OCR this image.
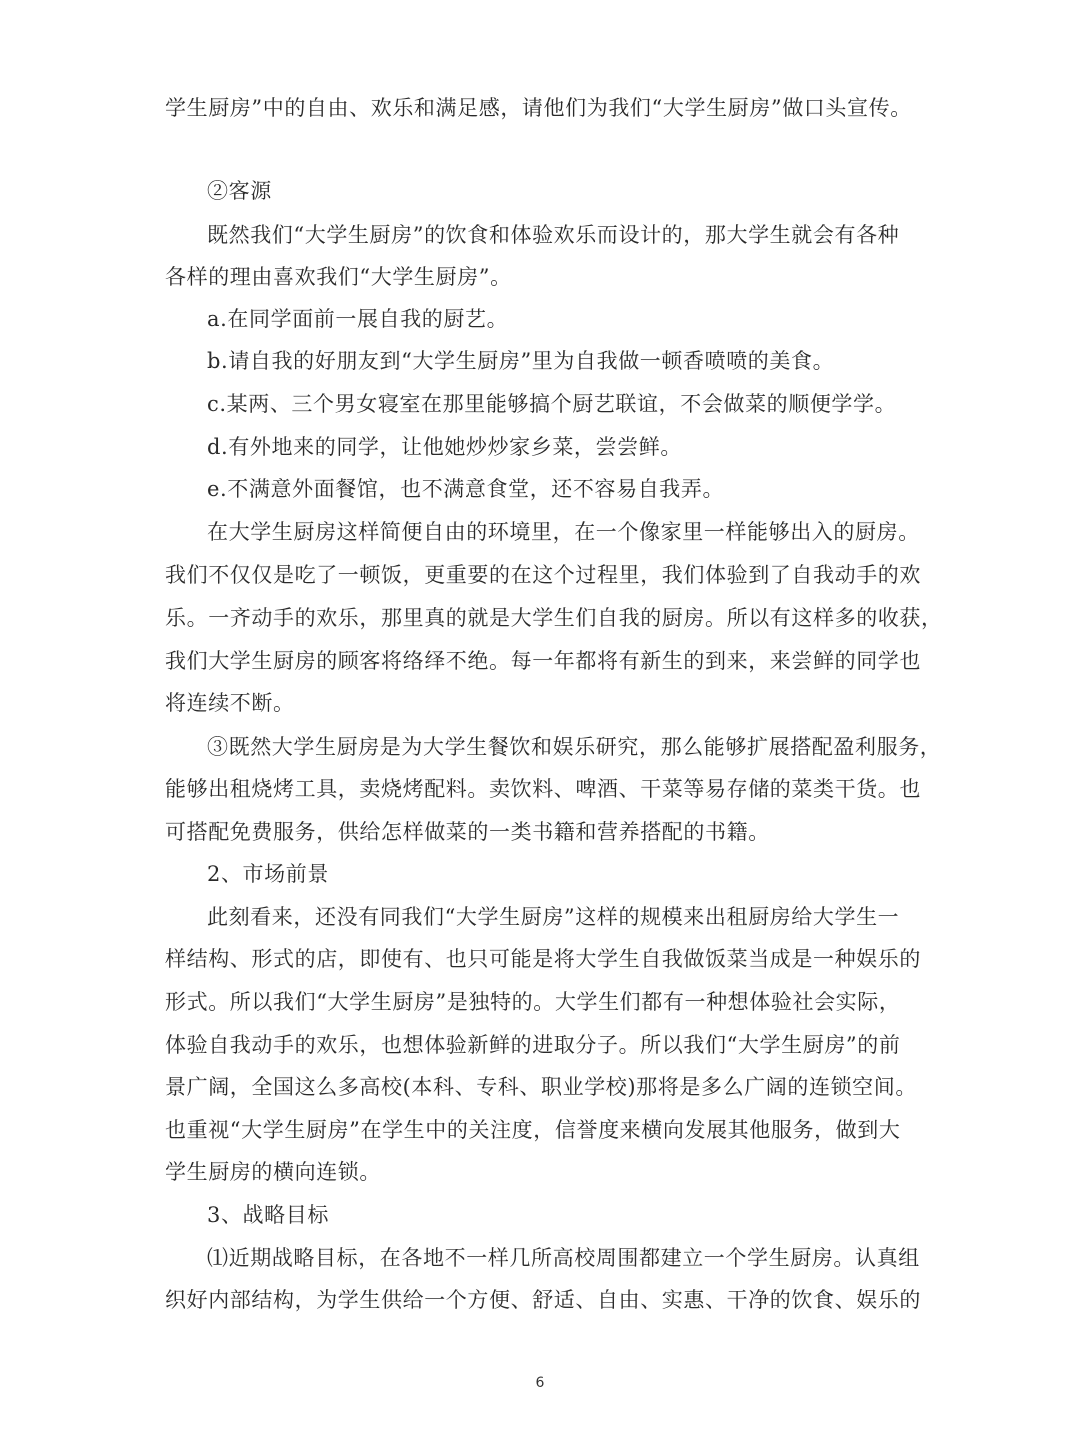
学生厨房”中的自由、欢乐和满足感，请他们为我们“大学生厨房”做口头宣传。
②客源
既然我们“大学生厨房”的饮食和体验欢乐而设计的，那大学生就会有各种
各样的理由喜欢我们“大学生厨房”。
a.在同学面前一展自我的厨艺。
b.请自我的好朋友到“大学生厨房”里为自我做一顿香喷喷的美食。
c.某两、三个男女寝室在那里能够搞个厨艺联谊，不会做菜的顺便学学。
d.有外地来的同学，让他她炒炒家乡菜，尝尝鲜。
e.不满意外面餐馆，也不满意食堂，还不容易自我弄。
在大学生厨房这样简便自由的环境里，在一个像家里一样能够出入的厨房。
我们不仅仅是吃了一顿饭，更重要的在这个过程里，我们体验到了自我动手的欢
乐。一齐动手的欢乐，那里真的就是大学生们自我的厨房。所以有这样多的收获，
我们大学生厨房的顾客将络绎不绝。每一年都将有新生的到来，来尝鲜的同学也
将连续不断。
③既然大学生厨房是为大学生餐饮和娱乐研究，那么能够扩展搭配盈利服务，
能够出租烧烤工具，卖烧烤配料。卖饮料、啤酒、干菜等易存储的菜类干货。也
可搭配免费服务，供给怎样做菜的一类书籍和营养搭配的书籍。
2、市场前景
此刻看来，还没有同我们“大学生厨房”这样的规模来出租厨房给大学生一
样结构、形式的店，即使有、也只可能是将大学生自我做饭菜当成是一种娱乐的
形式。所以我们“大学生厨房”是独特的。大学生们都有一种想体验社会实际，
体验自我动手的欢乐，也想体验新鲜的进取分子。所以我们“大学生厨房”的前
景广阔，全国这么多高校(本科、专科、职业学校)那将是多么广阔的连锁空间。
也重视“大学生厨房”在学生中的关注度，信誉度来横向发展其他服务，做到大
学生厨房的横向连锁。
3、战略目标
⑴近期战略目标，在各地不一样几所高校周围都建立一个学生厨房。认真组
织好内部结构，为学生供给一个方便、舒适、自由、实惠、干净的饮食、娱乐的
6
